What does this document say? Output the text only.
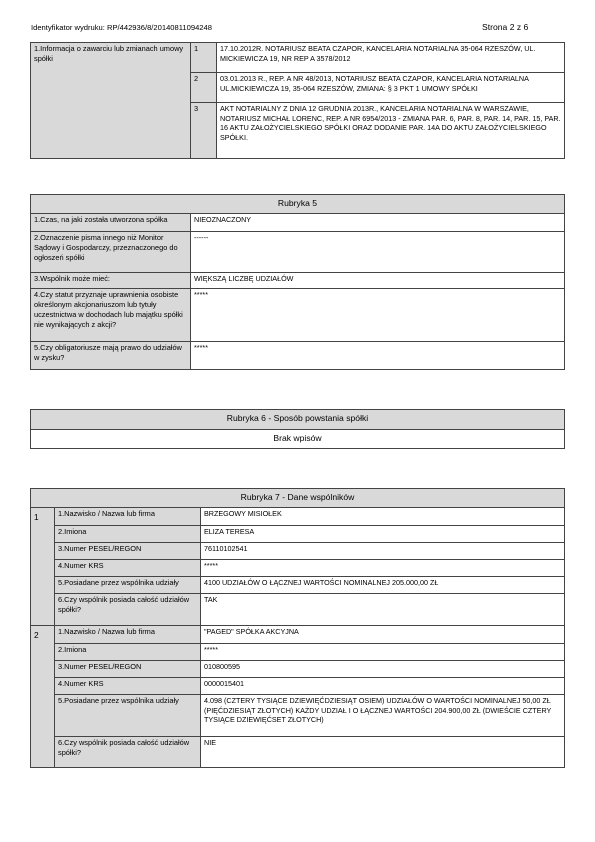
Identyfikator wydruku: RP/442936/8/20140811094248	Strona 2 z 6
1.Informacja o zawarciu lub zmianach umowy spółki	1	17.10.2012R. NOTARIUSZ BEATA CZAPOR, KANCELARIA NOTARIALNA 35-064 RZESZÓW, UL. MICKIEWICZA 19, NR REP A 3578/2012
	2	03.01.2013 R., REP. A NR 48/2013, NOTARIUSZ BEATA CZAPOR, KANCELARIA NOTARIALNA UL.MICKIEWICZA 19, 35-064 RZESZÓW, ZMIANA: § 3 PKT 1 UMOWY SPÓŁKI
	3	AKT NOTARIALNY Z DNIA 12 GRUDNIA 2013R., KANCELARIA NOTARIALNA W WARSZAWIE, NOTARIUSZ MICHAŁ LORENC, REP. A NR 6954/2013 - ZMIANA PAR. 6, PAR. 8, PAR. 14, PAR. 15, PAR. 16 AKTU ZAŁOŻYCIELSKIEGO SPÓŁKI ORAZ DODANIE PAR. 14A DO AKTU ZAŁOŻYCIELSKIEGO SPÓŁKI.
Rubryka 5	
1.Czas, na jaki została utworzona spółka	NIEOZNACZONY
2.Oznaczenie pisma innego niż Monitor Sądowy i Gospodarczy, przeznaczonego do ogłoszeń spółki	------
3.Wspólnik może mieć:	WIĘKSZĄ LICZBĘ UDZIAŁÓW
4.Czy statut przyznaje uprawnienia osobiste określonym akcjonariuszom lub tytuły uczestnictwa w dochodach lub majątku spółki nie wynikających z akcji?	*****
5.Czy obligatoriusze mają prawo do udziałów w zysku?	*****
Rubryka 6 - Sposób powstania spółki
Brak wpisów
Rubryka 7 - Dane wspólników		
1	1.Nazwisko / Nazwa lub firma	BRZEGOWY MISIOŁEK
	2.Imiona	ELIZA TERESA
	3.Numer PESEL/REGON	76110102541
	4.Numer KRS	*****
	5.Posiadane przez wspólnika udziały	4100 UDZIAŁÓW O ŁĄCZNEJ WARTOŚCI NOMINALNEJ 205.000,00 ZŁ
	6.Czy wspólnik posiada całość udziałów spółki?	TAK
2	1.Nazwisko / Nazwa lub firma	"PAGED" SPÓŁKA AKCYJNA
	2.Imiona	*****
	3.Numer PESEL/REGON	010800595
	4.Numer KRS	0000015401
	5.Posiadane przez wspólnika udziały	4.098 (CZTERY TYSIĄCE DZIEWIĘĆDZIESIĄT OSIEM) UDZIAŁÓW O WARTOŚCI NOMINALNEJ 50,00 ZŁ (PIĘĆDZIESIĄT ZŁOTYCH) KAŻDY UDZIAŁ I O ŁĄCZNEJ WARTOŚCI 204.900,00 ZŁ (DWIEŚCIE CZTERY TYSIĄCE DZIEWIĘĆSET ZŁOTYCH)
	6.Czy wspólnik posiada całość udziałów spółki?	NIE
